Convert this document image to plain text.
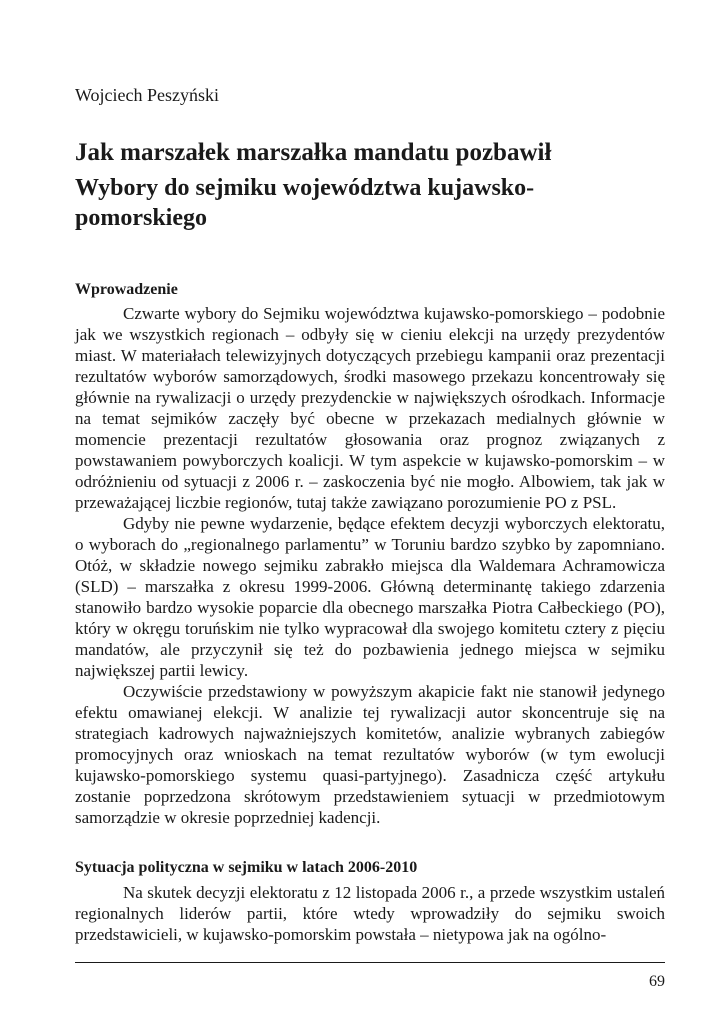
Wojciech Peszyński
Jak marszałek marszałka mandatu pozbawił
Wybory do sejmiku województwa kujawsko-pomorskiego
Wprowadzenie

Czwarte wybory do Sejmiku województwa kujawsko-pomorskiego – podobnie jak we wszystkich regionach – odbyły się w cieniu elekcji na urzędy prezydentów miast. W materiałach telewizyjnych dotyczących przebiegu kampanii oraz prezentacji rezultatów wyborów samorządowych, środki masowego przekazu koncentrowały się głównie na rywalizacji o urzędy prezydenckie w największych ośrodkach. Informacje na temat sejmików zaczęły być obecne w przekazach medialnych głównie w momencie prezentacji rezultatów głosowania oraz prognoz związanych z powstawaniem powyborczych koalicji. W tym aspekcie w kujawsko-pomorskim – w odróżnieniu od sytuacji z 2006 r. – zaskoczenia być nie mogło. Albowiem, tak jak w przeważającej liczbie regionów, tutaj także zawiązano porozumienie PO z PSL.

Gdyby nie pewne wydarzenie, będące efektem decyzji wyborczych elektoratu, o wyborach do „regionalnego parlamentu” w Toruniu bardzo szybko by zapomniano. Otóż, w składzie nowego sejmiku zabrakło miejsca dla Waldemara Achramowicza (SLD) – marszałka z okresu 1999-2006. Główną determinantę takiego zdarzenia stanowiło bardzo wysokie poparcie dla obecnego marszałka Piotra Całbeckiego (PO), który w okręgu toruńskim nie tylko wypracował dla swojego komitetu cztery z pięciu mandatów, ale przyczynił się też do pozbawienia jednego miejsca w sejmiku największej partii lewicy.

Oczywiście przedstawiony w powyższym akapicie fakt nie stanowił jedynego efektu omawianej elekcji. W analizie tej rywalizacji autor skoncentruje się na strategiach kadrowych najważniejszych komitetów, analizie wybranych zabiegów promocyjnych oraz wnioskach na temat rezultatów wyborów (w tym ewolucji kujawsko-pomorskiego systemu quasi-partyjnego). Zasadnicza część artykułu zostanie poprzedzona skrótowym przedstawieniem sytuacji w przedmiotowym samorządzie w okresie poprzedniej kadencji.

Sytuacja polityczna w sejmiku w latach 2006-2010

Na skutek decyzji elektoratu z 12 listopada 2006 r., a przede wszystkim ustaleń regionalnych liderów partii, które wtedy wprowadziły do sejmiku swoich przedstawicieli, w kujawsko-pomorskim powstała – nietypowa jak na ogólno-

69
